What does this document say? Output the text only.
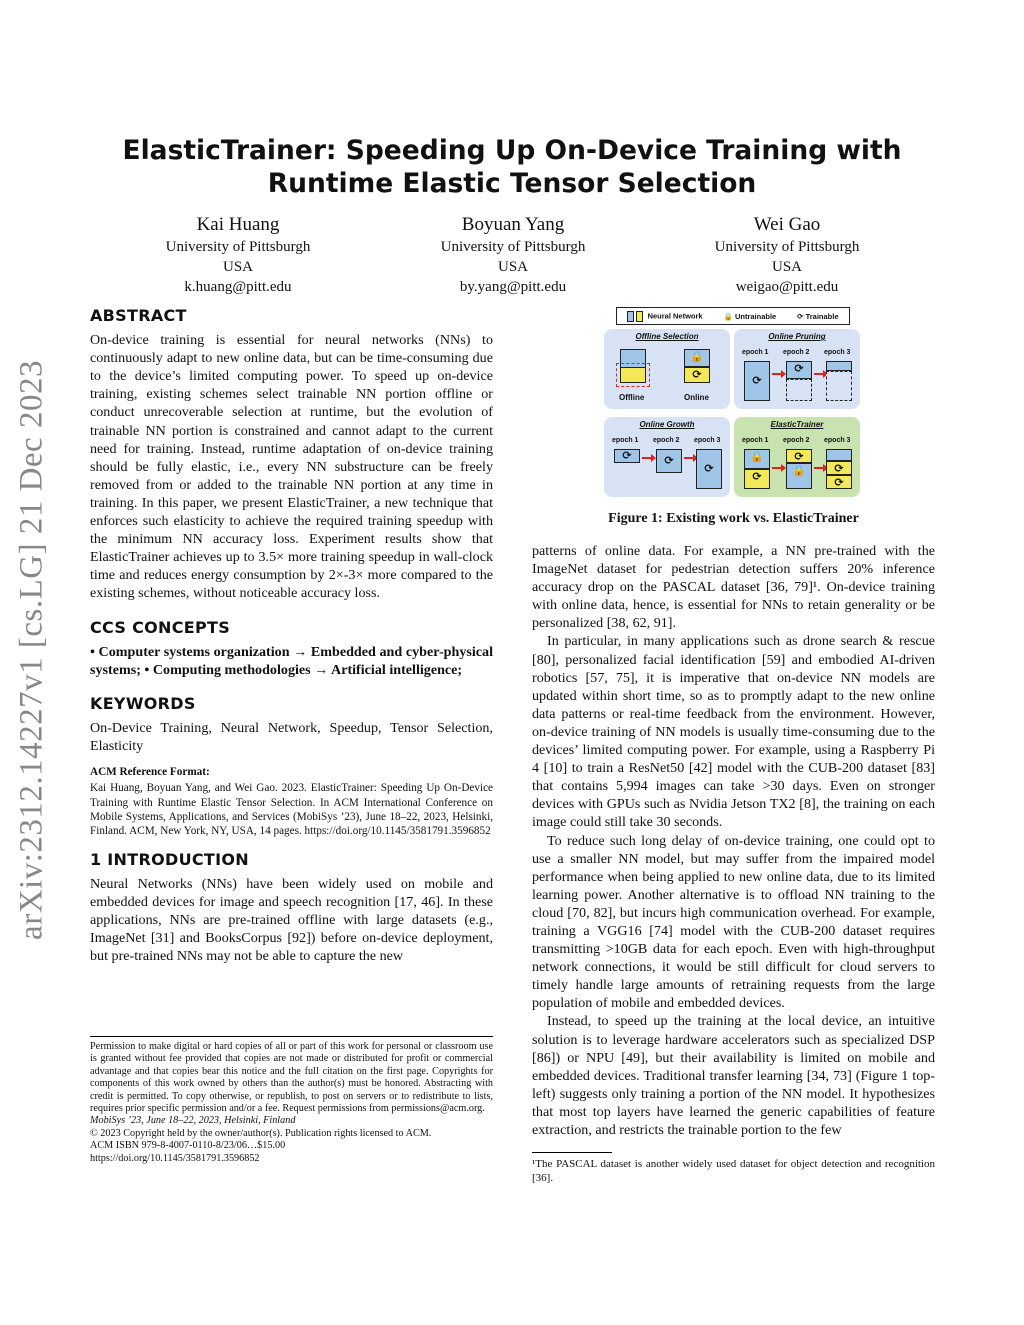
arXiv:2312.14227v1 [cs.LG] 21 Dec 2023
ElasticTrainer: Speeding Up On-Device Training with Runtime Elastic Tensor Selection
Kai Huang
University of Pittsburgh
USA
k.huang@pitt.edu
Boyuan Yang
University of Pittsburgh
USA
by.yang@pitt.edu
Wei Gao
University of Pittsburgh
USA
weigao@pitt.edu
ABSTRACT

On-device training is essential for neural networks (NNs) to continuously adapt to new online data, but can be time-consuming due to the device’s limited computing power. To speed up on-device training, existing schemes select trainable NN portion offline or conduct unrecoverable selection at runtime, but the evolution of trainable NN portion is constrained and cannot adapt to the current need for training. Instead, runtime adaptation of on-device training should be fully elastic, i.e., every NN substructure can be freely removed from or added to the trainable NN portion at any time in training. In this paper, we present ElasticTrainer, a new technique that enforces such elasticity to achieve the required training speedup with the minimum NN accuracy loss. Experiment results show that ElasticTrainer achieves up to 3.5× more training speedup in wall-clock time and reduces energy consumption by 2×-3× more compared to the existing schemes, without noticeable accuracy loss.

CCS CONCEPTS

• Computer systems organization → Embedded and cyber-physical systems; • Computing methodologies → Artificial intelligence;

KEYWORDS

On-Device Training, Neural Network, Speedup, Tensor Selection, Elasticity

ACM Reference Format:
Kai Huang, Boyuan Yang, and Wei Gao. 2023. ElasticTrainer: Speeding Up On-Device Training with Runtime Elastic Tensor Selection. In ACM International Conference on Mobile Systems, Applications, and Services (MobiSys ’23), June 18–22, 2023, Helsinki, Finland. ACM, New York, NY, USA, 14 pages. https://doi.org/10.1145/3581791.3596852
1 INTRODUCTION

Neural Networks (NNs) have been widely used on mobile and embedded devices for image and speech recognition [17, 46]. In these applications, NNs are pre-trained offline with large datasets (e.g., ImageNet [31] and BooksCorpus [92]) before on-device deployment, but pre-trained NNs may not be able to capture the new

Permission to make digital or hard copies of all or part of this work for personal or classroom use is granted without fee provided that copies are not made or distributed for profit or commercial advantage and that copies bear this notice and the full citation on the first page. Copyrights for components of this work owned by others than the author(s) must be honored. Abstracting with credit is permitted. To copy otherwise, or republish, to post on servers or to redistribute to lists, requires prior specific permission and/or a fee. Request permissions from permissions@acm.org.
MobiSys ’23, June 18–22, 2023, Helsinki, Finland
© 2023 Copyright held by the owner/author(s). Publication rights licensed to ACM.
ACM ISBN 979-8-4007-0110-8/23/06…$15.00
https://doi.org/10.1145/3581791.3596852
Neural Network	🔒 Untrainable	⟳ Trainable
Offline Selection
Offline
🔒
⟳
Online
Online Pruning
epoch 1 epoch 2 epoch 3
⟳
⟳
Online Growth
epoch 1 epoch 2 epoch 3
⟳	⟳
⟳
ElasticTrainer
epoch 1 epoch 2 epoch 3
🔒
⟳
⟳
🔒	⟳
⟳
Figure 1: Existing work vs. ElasticTrainer

patterns of online data. For example, a NN pre-trained with the ImageNet dataset for pedestrian detection suffers 20% inference accuracy drop on the PASCAL dataset [36, 79]¹. On-device training with online data, hence, is essential for NNs to retain generality or be personalized [38, 62, 91].

In particular, in many applications such as drone search & rescue [80], personalized facial identification [59] and embodied AI-driven robotics [57, 75], it is imperative that on-device NN models are updated within short time, so as to promptly adapt to the new online data patterns or real-time feedback from the environment. However, on-device training of NN models is usually time-consuming due to the devices’ limited computing power. For example, using a Raspberry Pi 4 [10] to train a ResNet50 [42] model with the CUB-200 dataset [83] that contains 5,994 images can take >30 days. Even on stronger devices with GPUs such as Nvidia Jetson TX2 [8], the training on each image could still take 30 seconds.

To reduce such long delay of on-device training, one could opt to use a smaller NN model, but may suffer from the impaired model performance when being applied to new online data, due to its limited learning power. Another alternative is to offload NN training to the cloud [70, 82], but incurs high communication overhead. For example, training a VGG16 [74] model with the CUB-200 dataset requires transmitting >10GB data for each epoch. Even with high-throughput network connections, it would be still difficult for cloud servers to timely handle large amounts of retraining requests from the large population of mobile and embedded devices.

Instead, to speed up the training at the local device, an intuitive solution is to leverage hardware accelerators such as specialized DSP [86]) or NPU [49], but their availability is limited on mobile and embedded devices. Traditional transfer learning [34, 73] (Figure 1 top-left) suggests only training a portion of the NN model. It hypothesizes that most top layers have learned the generic capabilities of feature extraction, and restricts the trainable portion to the few

¹The PASCAL dataset is another widely used dataset for object detection and recognition [36].
